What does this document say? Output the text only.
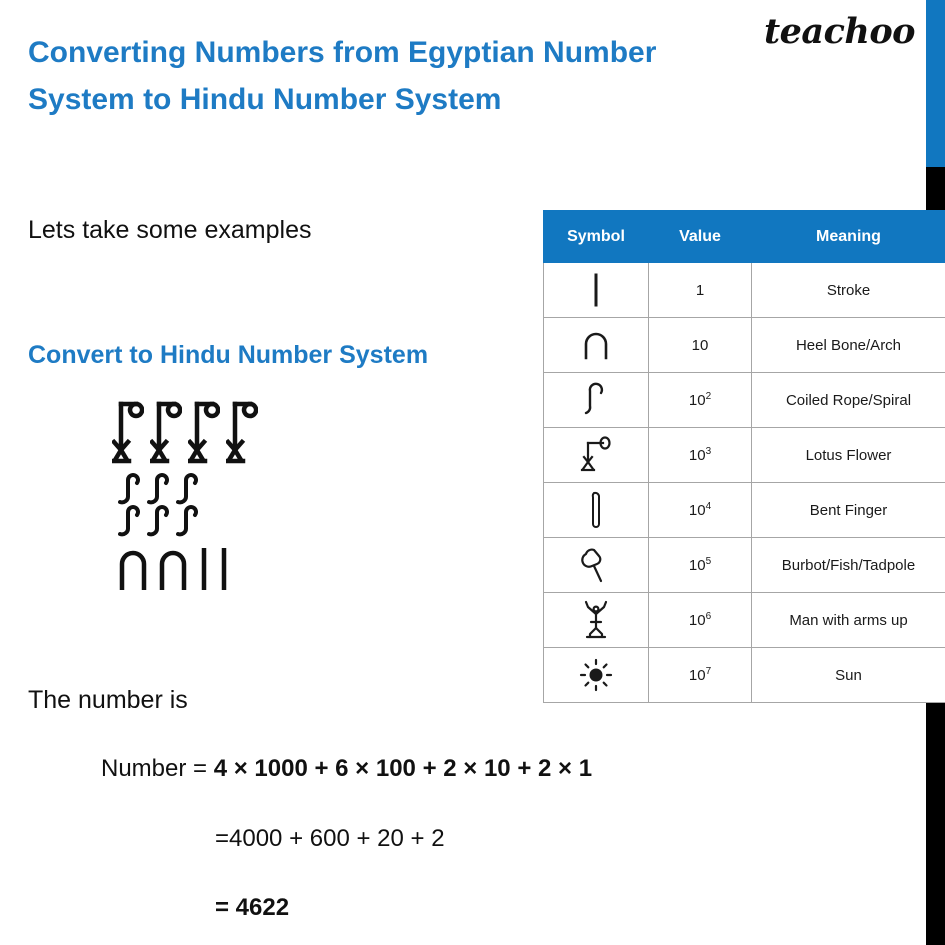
teachoo
Converting Numbers from Egyptian Number
System to Hindu Number System
Lets take some examples
Convert to Hindu Number System
The number is
Number = 4 × 1000 + 6 × 100 + 2 × 10 + 2 × 1
=4000 + 600 + 20 + 2
= 4622
Symbol	Value	Meaning
	1	Stroke
	10	Heel Bone/Arch
	$10^2$	Coiled Rope/Spiral
	$10^3$	Lotus Flower
	$10^4$	Bent Finger
	$10^5$	Burbot/Fish/Tadpole
	$10^6$	Man with arms up
	$10^7$	Sun
